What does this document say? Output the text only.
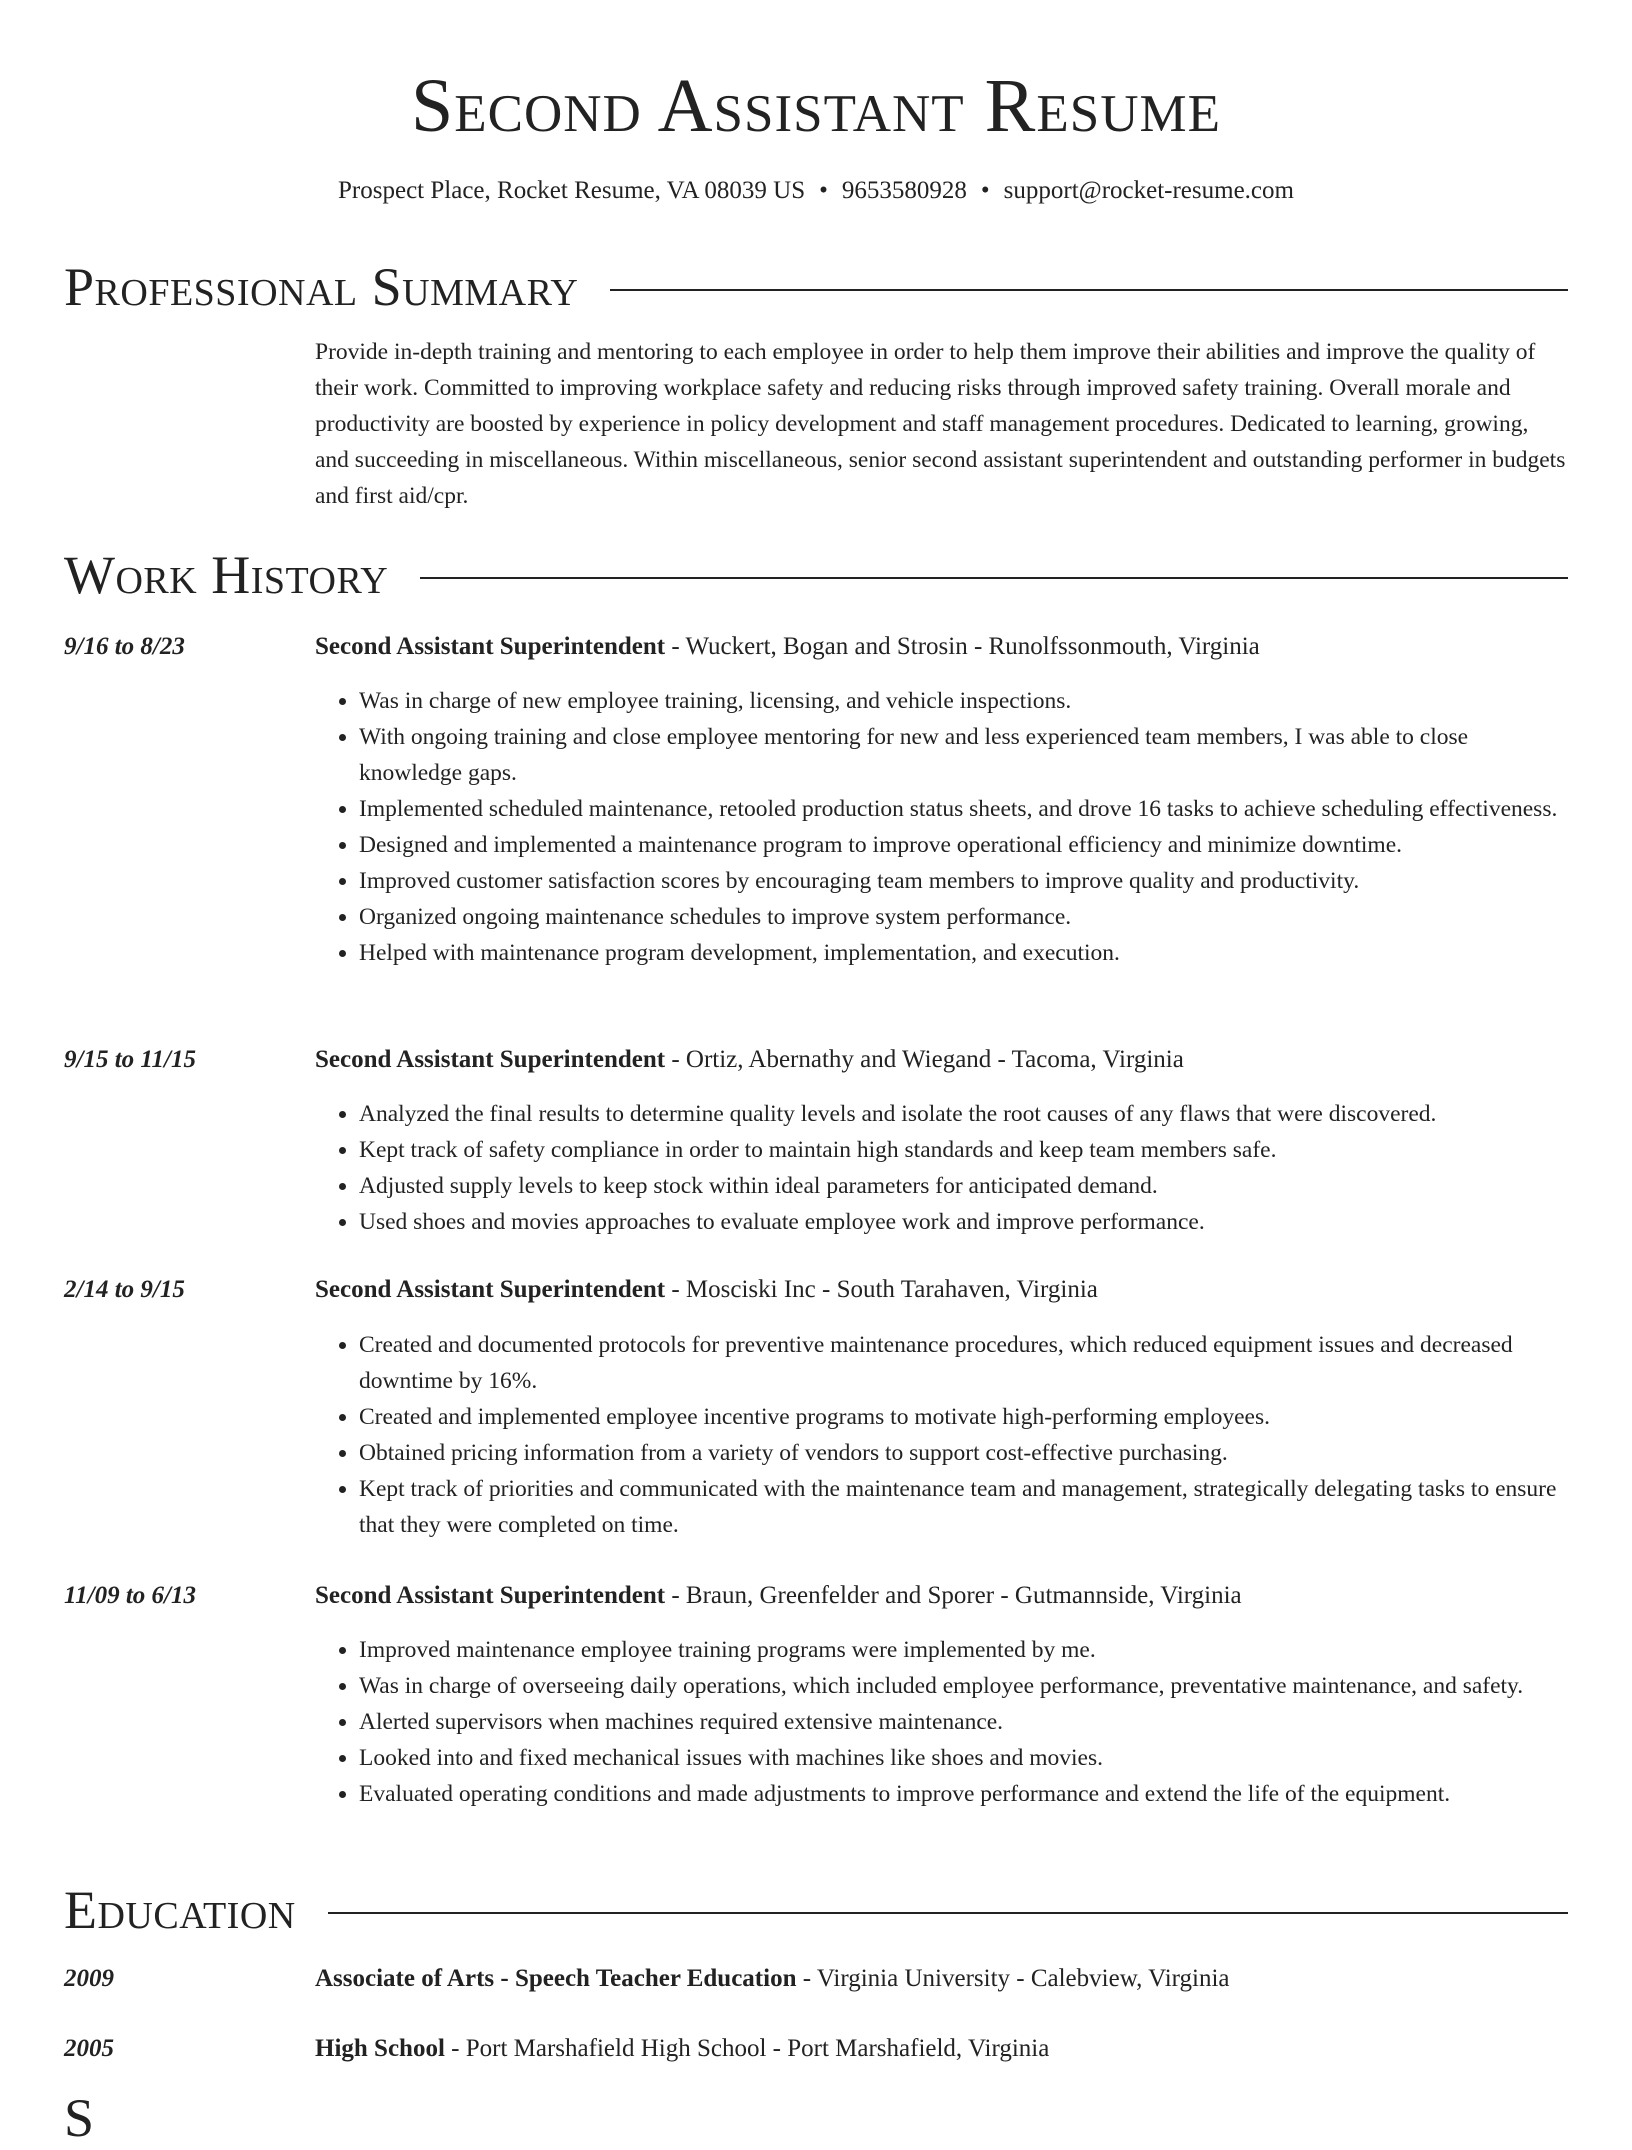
Second Assistant Resume
Prospect Place, Rocket Resume, VA 08039 US • 9653580928 • support@rocket-resume.com
Professional Summary

Provide in-depth training and mentoring to each employee in order to help them improve their abilities and improve the quality of their work. Committed to improving workplace safety and reducing risks through improved safety training. Overall morale and productivity are boosted by experience in policy development and staff management procedures. Dedicated to learning, growing, and succeeding in miscellaneous. Within miscellaneous, senior second assistant superintendent and outstanding performer in budgets and first aid/cpr.

Work History
9/16 to 8/23	Second Assistant Superintendent - Wuckert, Bogan and Strosin - Runolfssonmouth, Virginia
• Was in charge of new employee training, licensing, and vehicle inspections.
• With ongoing training and close employee mentoring for new and less experienced team members, I was able to close knowledge gaps.
• Implemented scheduled maintenance, retooled production status sheets, and drove 16 tasks to achieve scheduling effectiveness.
• Designed and implemented a maintenance program to improve operational efficiency and minimize downtime.
• Improved customer satisfaction scores by encouraging team members to improve quality and productivity.
• Organized ongoing maintenance schedules to improve system performance.
• Helped with maintenance program development, implementation, and execution.
9/15 to 11/15	Second Assistant Superintendent - Ortiz, Abernathy and Wiegand - Tacoma, Virginia
• Analyzed the final results to determine quality levels and isolate the root causes of any flaws that were discovered.
• Kept track of safety compliance in order to maintain high standards and keep team members safe.
• Adjusted supply levels to keep stock within ideal parameters for anticipated demand.
• Used shoes and movies approaches to evaluate employee work and improve performance.
2/14 to 9/15	Second Assistant Superintendent - Mosciski Inc - South Tarahaven, Virginia
• Created and documented protocols for preventive maintenance procedures, which reduced equipment issues and decreased downtime by 16%.
• Created and implemented employee incentive programs to motivate high-performing employees.
• Obtained pricing information from a variety of vendors to support cost-effective purchasing.
• Kept track of priorities and communicated with the maintenance team and management, strategically delegating tasks to ensure that they were completed on time.
11/09 to 6/13	Second Assistant Superintendent - Braun, Greenfelder and Sporer - Gutmannside, Virginia
• Improved maintenance employee training programs were implemented by me.
• Was in charge of overseeing daily operations, which included employee performance, preventative maintenance, and safety.
• Alerted supervisors when machines required extensive maintenance.
• Looked into and fixed mechanical issues with machines like shoes and movies.
• Evaluated operating conditions and made adjustments to improve performance and extend the life of the equipment.
Education
2009	Associate of Arts - Speech Teacher Education - Virginia University - Calebview, Virginia
2005	High School - Port Marshafield High School - Port Marshafield, Virginia
S
